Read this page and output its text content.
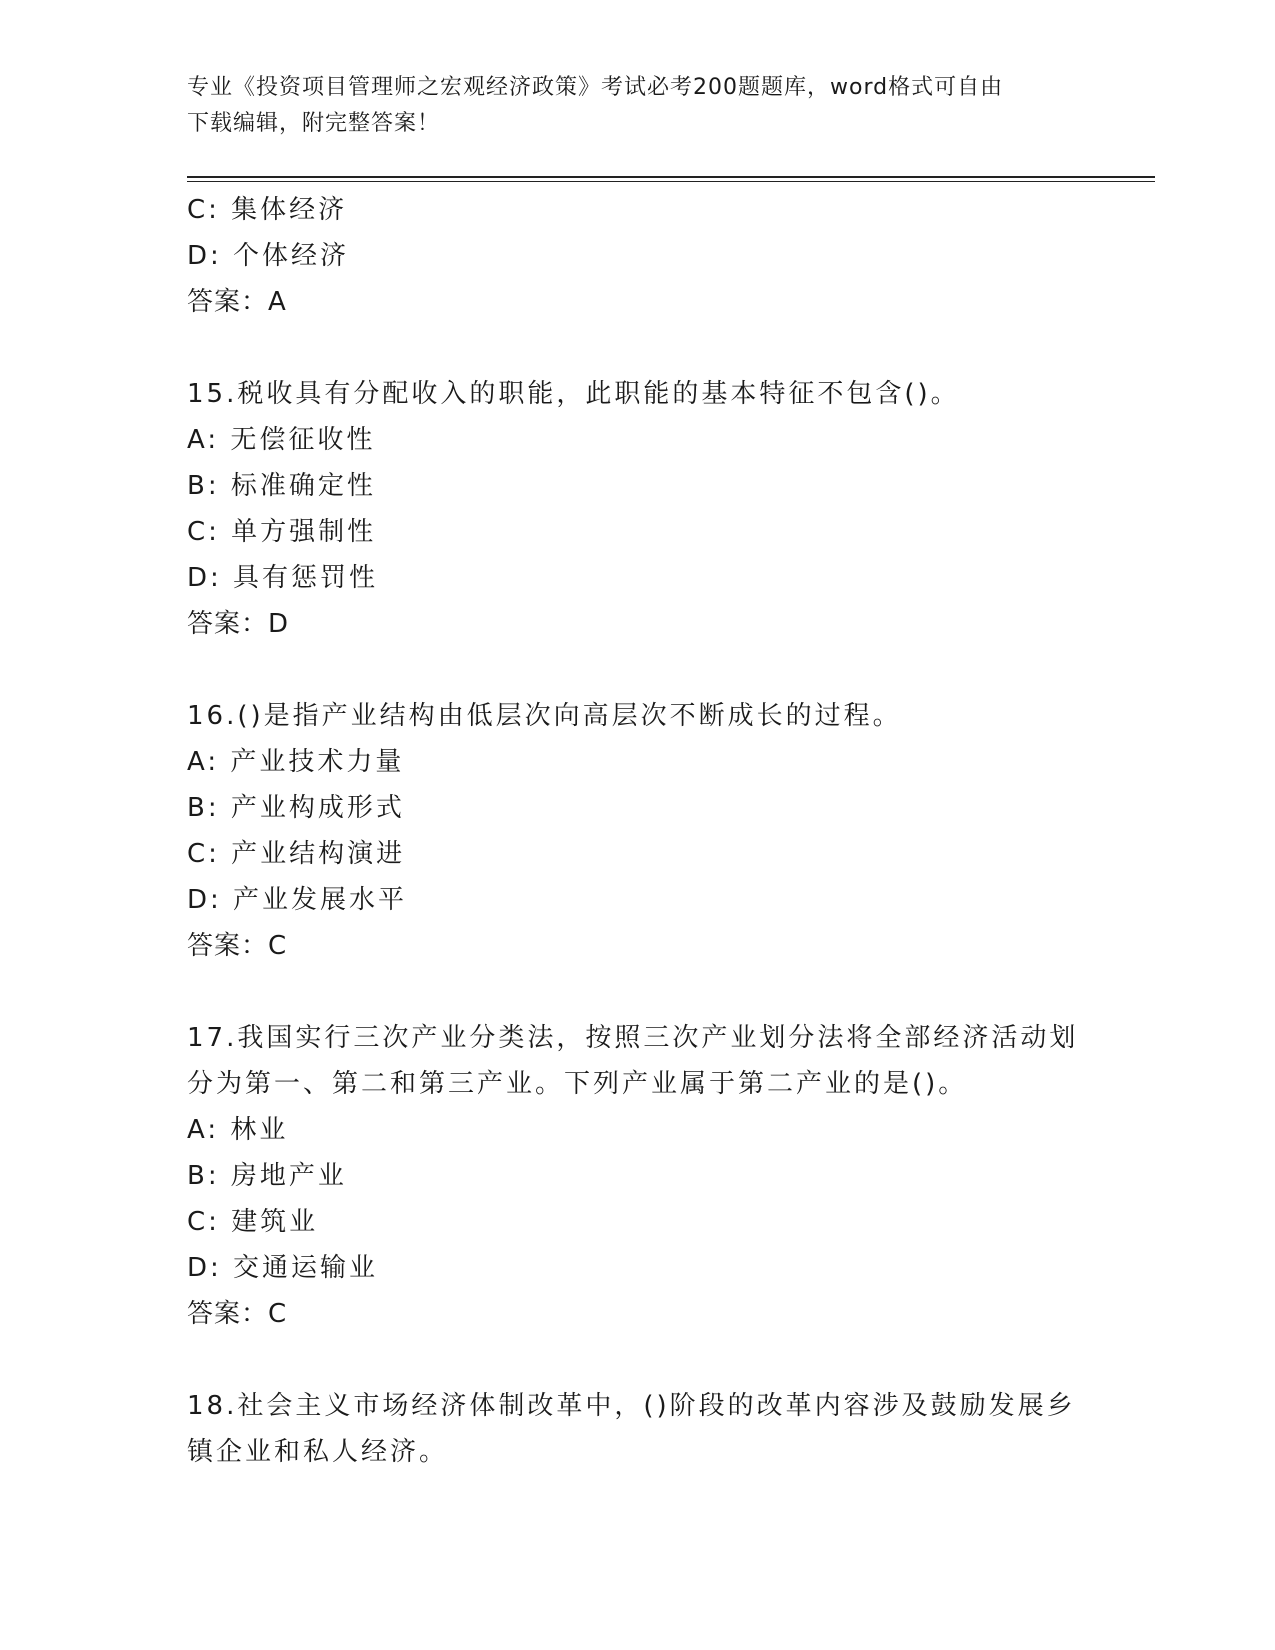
专业《投资项目管理师之宏观经济政策》考试必考200题题库，word格式可自由
下载编辑，附完整答案！
C: 集体经济
D: 个体经济
答案：A
15.税收具有分配收入的职能，此职能的基本特征不包含()。
A: 无偿征收性
B: 标准确定性
C: 单方强制性
D: 具有惩罚性
答案：D
16.()是指产业结构由低层次向高层次不断成长的过程。
A: 产业技术力量
B: 产业构成形式
C: 产业结构演进
D: 产业发展水平
答案：C
17.我国实行三次产业分类法，按照三次产业划分法将全部经济活动划
分为第一、第二和第三产业。下列产业属于第二产业的是()。
A: 林业
B: 房地产业
C: 建筑业
D: 交通运输业
答案：C
18.社会主义市场经济体制改革中，()阶段的改革内容涉及鼓励发展乡
镇企业和私人经济。
